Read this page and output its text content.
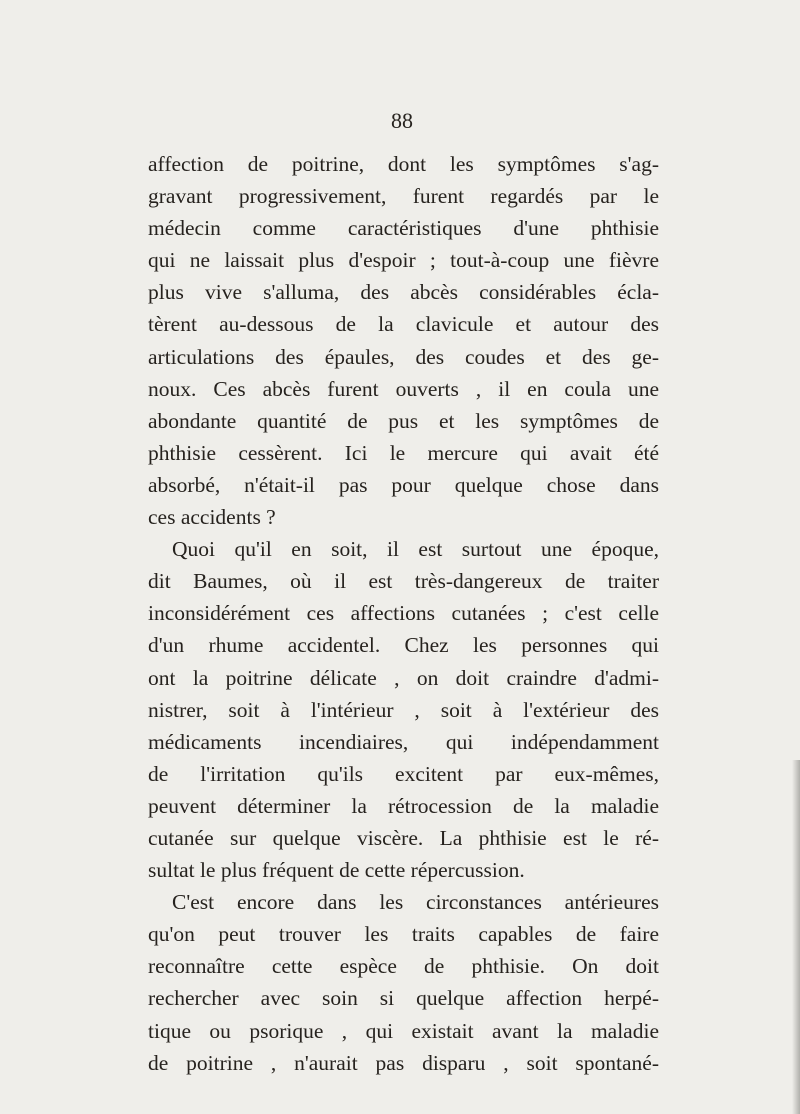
88
affection de poitrine, dont les symptômes s'ag-
gravant progressivement, furent regardés par le
médecin comme caractéristiques d'une phthisie
qui ne laissait plus d'espoir ; tout-à-coup une fièvre
plus vive s'alluma, des abcès considérables écla-
tèrent au-dessous de la clavicule et autour des
articulations des épaules, des coudes et des ge-
noux. Ces abcès furent ouverts , il en coula une
abondante quantité de pus et les symptômes de
phthisie cessèrent. Ici le mercure qui avait été
absorbé, n'était-il pas pour quelque chose dans
ces accidents ?
Quoi qu'il en soit, il est surtout une époque,
dit Baumes, où il est très-dangereux de traiter
inconsidérément ces affections cutanées ; c'est celle
d'un rhume accidentel. Chez les personnes qui
ont la poitrine délicate , on doit craindre d'admi-
nistrer, soit à l'intérieur , soit à l'extérieur des
médicaments incendiaires, qui indépendamment
de l'irritation qu'ils excitent par eux-mêmes,
peuvent déterminer la rétrocession de la maladie
cutanée sur quelque viscère. La phthisie est le ré-
sultat le plus fréquent de cette répercussion.
C'est encore dans les circonstances antérieures
qu'on peut trouver les traits capables de faire
reconnaître cette espèce de phthisie. On doit
rechercher avec soin si quelque affection herpé-
tique ou psorique , qui existait avant la maladie
de poitrine , n'aurait pas disparu , soit spontané-
